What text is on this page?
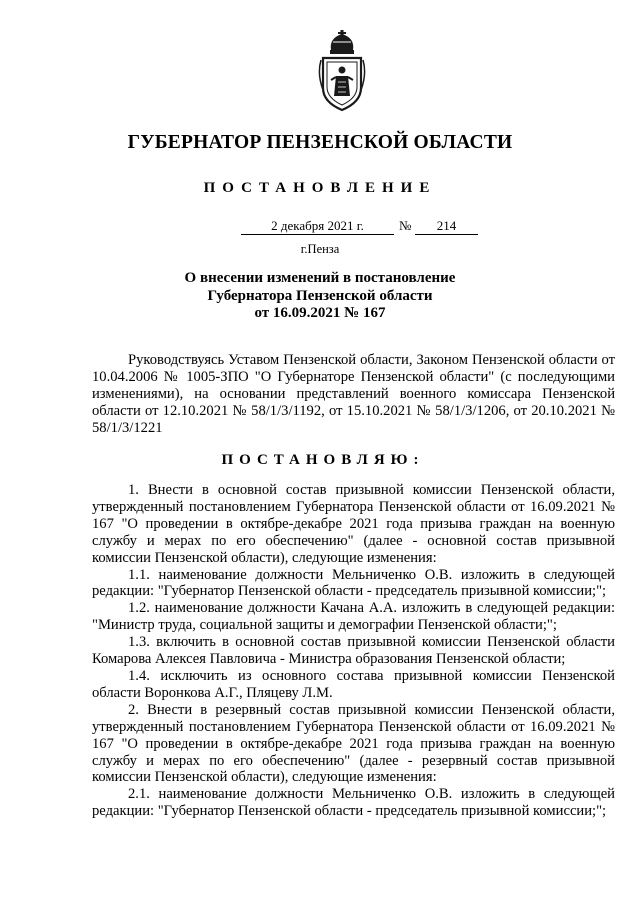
ГУБЕРНАТОР ПЕНЗЕНСКОЙ ОБЛАСТИ
ПОСТАНОВЛЕНИЕ
2 декабря 2021 г.	№	214
г.Пенза
О внесении изменений в постановление
Губернатора Пензенской области
от 16.09.2021 № 167

Руководствуясь Уставом Пензенской области, Законом Пензенской области от 10.04.2006 № 1005-ЗПО "О Губернаторе Пензенской области" (с последующими изменениями), на основании представлений военного комиссара Пензенской области от 12.10.2021 № 58/1/3/1192, от 15.10.2021 № 58/1/3/1206, от 20.10.2021 № 58/1/3/1221

ПОСТАНОВЛЯЮ:

1. Внести в основной состав призывной комиссии Пензенской области, утвержденный постановлением Губернатора Пензенской области от 16.09.2021 № 167 "О проведении в октябре-декабре 2021 года призыва граждан на военную службу и мерах по его обеспечению" (далее - основной состав призывной комиссии Пензенской области), следующие изменения:

1.1. наименование должности Мельниченко О.В. изложить в следующей редакции: "Губернатор Пензенской области - председатель призывной комиссии;";

1.2. наименование должности Качана А.А. изложить в следующей редакции: "Министр труда, социальной защиты и демографии Пензенской области;";

1.3. включить в основной состав призывной комиссии Пензенской области Комарова Алексея Павловича - Министра образования Пензенской области;

1.4. исключить из основного состава призывной комиссии Пензенской области Воронкова А.Г., Пляцеву Л.М.

2. Внести в резервный состав призывной комиссии Пензенской области, утвержденный постановлением Губернатора Пензенской области от 16.09.2021 № 167 "О проведении в октябре-декабре 2021 года призыва граждан на военную службу и мерах по его обеспечению" (далее - резервный состав призывной комиссии Пензенской области), следующие изменения:

2.1. наименование должности Мельниченко О.В. изложить в следующей редакции: "Губернатор Пензенской области - председатель призывной комиссии;";
